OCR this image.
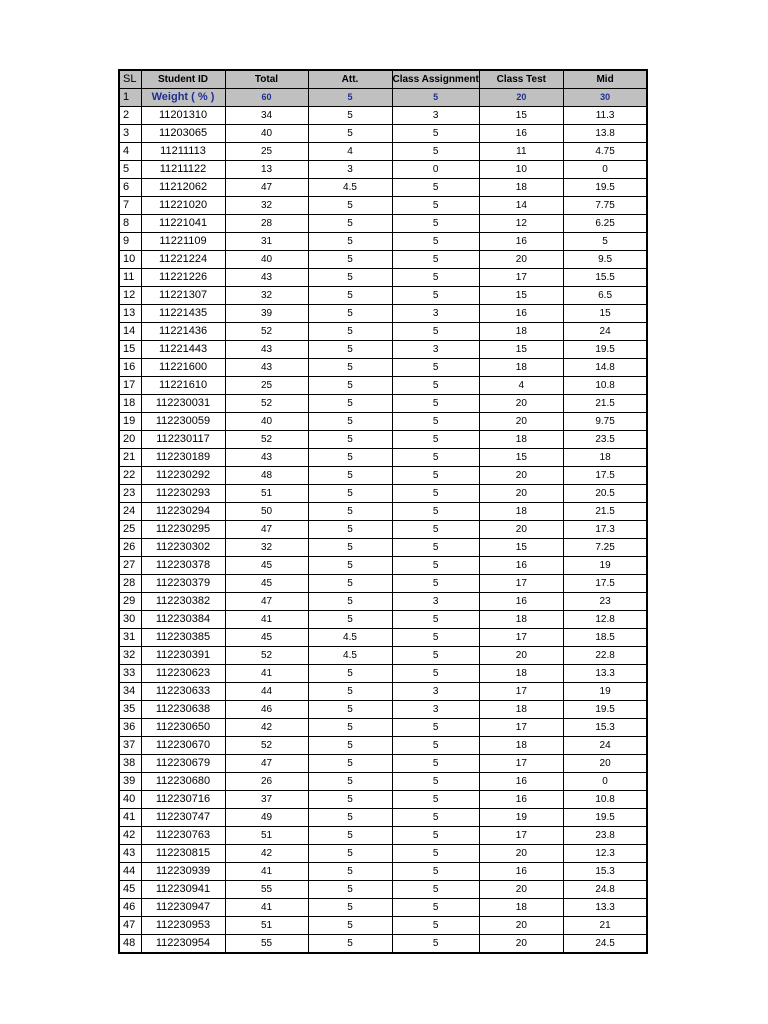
SL	Student ID	Total	Att.	Class Assignment	Class Test	Mid
1	Weight ( % )	60	5	5	20	30
2	11201310	34	5	3	15	11.3
3	11203065	40	5	5	16	13.8
4	11211113	25	4	5	11	4.75
5	11211122	13	3	0	10	0
6	11212062	47	4.5	5	18	19.5
7	11221020	32	5	5	14	7.75
8	11221041	28	5	5	12	6.25
9	11221109	31	5	5	16	5
10	11221224	40	5	5	20	9.5
11	11221226	43	5	5	17	15.5
12	11221307	32	5	5	15	6.5
13	11221435	39	5	3	16	15
14	11221436	52	5	5	18	24
15	11221443	43	5	3	15	19.5
16	11221600	43	5	5	18	14.8
17	11221610	25	5	5	4	10.8
18	112230031	52	5	5	20	21.5
19	112230059	40	5	5	20	9.75
20	112230117	52	5	5	18	23.5
21	112230189	43	5	5	15	18
22	112230292	48	5	5	20	17.5
23	112230293	51	5	5	20	20.5
24	112230294	50	5	5	18	21.5
25	112230295	47	5	5	20	17.3
26	112230302	32	5	5	15	7.25
27	112230378	45	5	5	16	19
28	112230379	45	5	5	17	17.5
29	112230382	47	5	3	16	23
30	112230384	41	5	5	18	12.8
31	112230385	45	4.5	5	17	18.5
32	112230391	52	4.5	5	20	22.8
33	112230623	41	5	5	18	13.3
34	112230633	44	5	3	17	19
35	112230638	46	5	3	18	19.5
36	112230650	42	5	5	17	15.3
37	112230670	52	5	5	18	24
38	112230679	47	5	5	17	20
39	112230680	26	5	5	16	0
40	112230716	37	5	5	16	10.8
41	112230747	49	5	5	19	19.5
42	112230763	51	5	5	17	23.8
43	112230815	42	5	5	20	12.3
44	112230939	41	5	5	16	15.3
45	112230941	55	5	5	20	24.8
46	112230947	41	5	5	18	13.3
47	112230953	51	5	5	20	21
48	112230954	55	5	5	20	24.5
